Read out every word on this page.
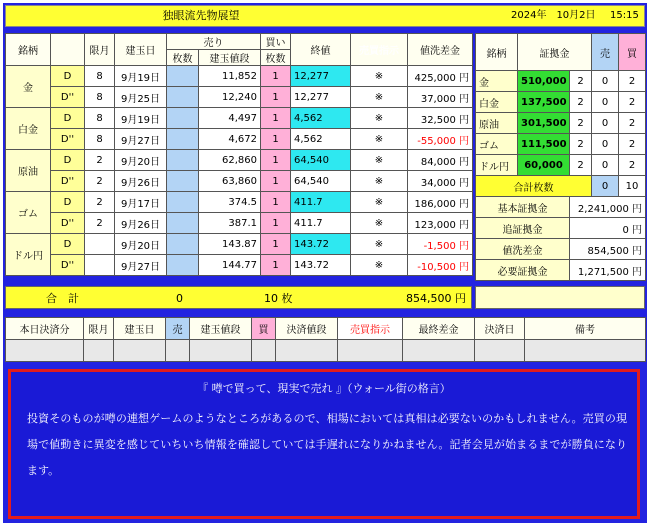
独眼流先物展望	2024年　10月2日 15:15
銘柄		限月	建玉日	売り		買い	終値	売買指示	値洗差金
				枚数	建玉値段	枚数			
金	D	8	9月19日		11,852	1	12,277	※	425,000 円
	D''	8	9月25日		12,240	1	12,277	※	37,000 円
白金	D	8	9月19日		4,497	1	4,562	※	32,500 円
	D''	8	9月27日		4,672	1	4,562	※	-55,000 円
原油	D	2	9月20日		62,860	1	64,540	※	84,000 円
	D''	2	9月26日		63,860	1	64,540	※	34,000 円
ゴム	D	2	9月17日		374.5	1	411.7	※	186,000 円
	D''	2	9月26日		387.1	1	411.7	※	123,000 円
ドル円	D		9月20日		143.87	1	143.72	※	-1,500 円
	D''		9月27日		144.77	1	143.72	※	-10,500 円
銘柄	証拠金		売	買
金	510,000	2	0	2
白金	137,500	2	0	2
原油	301,500	2	0	2
ゴム	111,500	2	0	2
ドル円	60,000	2	0	2
合計枚数			0	10
基本証拠金		2,241,000 円		
追証拠金		0 円		
値洗差金		854,500 円		
必要証拠金		1,271,500 円		
合　計	0	10 枚	854,500 円
本日決済分	限月	建玉日	売	建玉値段	買	決済値段	売買指示	最終差金	決済日	備考

『 噂で買って、現実で売れ 』（ウォール街の格言）
投資そのものが噂の連想ゲームのようなところがあるので、相場においては真相は必要ないのかもしれません。売買の現場で値動きに異変を感じていちいち情報を確認していては手遅れになりかねません。記者会見が始まるまでが勝負になります。
